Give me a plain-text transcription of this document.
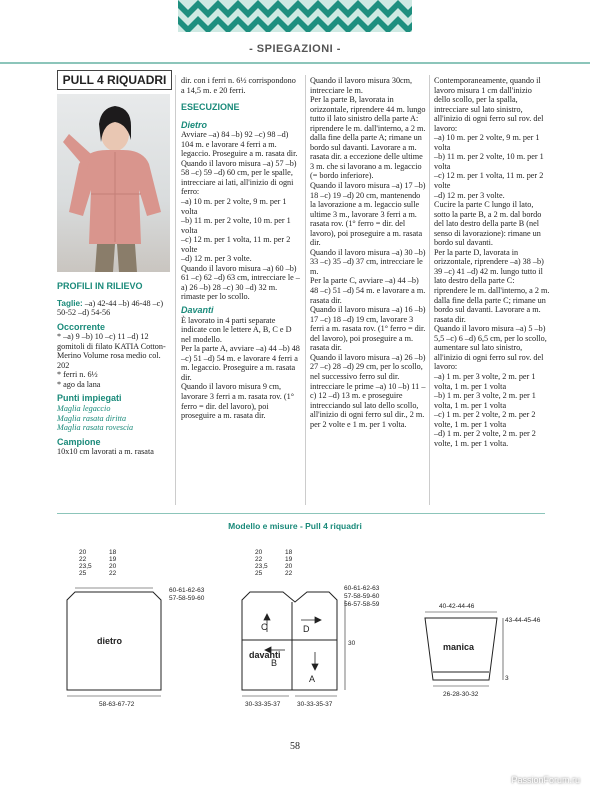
- SPIEGAZIONI -
PULL 4 RIQUADRI

PROFILI IN RILIEVO

Taglie: –a) 42-44 –b) 46-48 –c) 50-52 –d) 54-56

Occorrente

* –a) 9 –b) 10 –c) 11 –d) 12 gomitoli di filato KATIA Cotton-Merino Volume rosa medio col. 202
* ferri n. 6½
* ago da lana

Punti impiegati

Maglia legaccio

Maglia rasata diritta

Maglia rasata rovescia

Campione

10x10 cm lavorati a m. rasata

dir. con i ferri n. 6½ corrispondono a 14,5 m. e 20 ferri.

ESECUZIONE

Dietro

Avviare –a) 84 –b) 92 –c) 98 –d) 104 m. e lavorare 4 ferri a m. legaccio. Proseguire a m. rasata dir.
Quando il lavoro misura –a) 57 –b) 58 –c) 59 –d) 60 cm, per le spalle, intrecciare ai lati, all'inizio di ogni ferro:
–a) 10 m. per 2 volte, 9 m. per 1 volta
–b) 11 m. per 2 volte, 10 m. per 1 volta
–c) 12 m. per 1 volta, 11 m. per 2 volte
–d) 12 m. per 3 volte.
Quando il lavoro misura –a) 60 –b) 61 –c) 62 –d) 63 cm, intrecciare le –a) 26 –b) 28 –c) 30 –d) 32 m. rimaste per lo scollo.

Davanti

È lavorato in 4 parti separate indicate con le lettere A, B, C e D nel modello.
Per la parte A, avviare –a) 44 –b) 48 –c) 51 –d) 54 m. e lavorare 4 ferri a m. legaccio. Proseguire a m. rasata dir.
Quando il lavoro misura 9 cm, lavorare 3 ferri a m. rasata rov. (1° ferro = dir. del lavoro), poi proseguire a m. rasata dir.

Quando il lavoro misura 30cm, intrecciare le m.
Per la parte B, lavorata in orizzontale, riprendere 44 m. lungo tutto il lato sinistro della parte A: riprendere le m. dall'interno, a 2 m. dalla fine della parte A; rimane un bordo sul davanti. Lavorare a m. rasata dir. a eccezione delle ultime 3 m. che si lavorano a m. legaccio (= bordo inferiore).
Quando il lavoro misura –a) 17 –b) 18 –c) 19 –d) 20 cm, mantenendo la lavorazione a m. legaccio sulle ultime 3 m., lavorare 3 ferri a m. rasata rov. (1° ferro = dir. del lavoro), poi proseguire a m. rasata dir.
Quando il lavoro misura –a) 30 –b) 33 –c) 35 –d) 37 cm, intrecciare le m.
Per la parte C, avviare –a) 44 –b) 48 –c) 51 –d) 54 m. e lavorare a m. rasata dir.
Quando il lavoro misura –a) 16 –b) 17 –c) 18 –d) 19 cm, lavorare 3 ferri a m. rasata rov. (1° ferro = dir. del lavoro), poi proseguire a m. rasata dir.
Quando il lavoro misura –a) 26 –b) 27 –c) 28 –d) 29 cm, per lo scollo, nel successivo ferro sul dir. intrecciare le prime –a) 10 –b) 11 –c) 12 –d) 13 m. e proseguire intrecciando sul lato dello scollo, all'inizio di ogni ferro sul dir., 2 m. per 2 volte e 1 m. per 1 volta.

Contemporaneamente, quando il lavoro misura 1 cm dall'inizio dello scollo, per la spalla, intrecciare sul lato sinistro, all'inizio di ogni ferro sul rov. del lavoro:
–a) 10 m. per 2 volte, 9 m. per 1 volta
–b) 11 m. per 2 volte, 10 m. per 1 volta
–c) 12 m. per 1 volta, 11 m. per 2 volte
–d) 12 m. per 3 volte.
Cucire la parte C lungo il lato, sotto la parte B, a 2 m. dal bordo del lato destro della parte B (nel senso di lavorazione): rimane un bordo sul davanti.
Per la parte D, lavorata in orizzontale, riprendere –a) 38 –b) 39 –c) 41 –d) 42 m. lungo tutto il lato destro della parte C: riprendere le m. dall'interno, a 2 m. dalla fine della parte C; rimane un bordo sul davanti. Lavorare a m. rasata dir.
Quando il lavoro misura –a) 5 –b) 5,5 –c) 6 –d) 6,5 cm, per lo scollo, aumentare sul lato sinistro, all'inizio di ogni ferro sul rov. del lavoro:
–a) 1 m. per 3 volte, 2 m. per 1 volta, 1 m. per 1 volta
–b) 1 m. per 3 volte, 2 m. per 1 volta, 1 m. per 1 volta
–c) 1 m. per 2 volte, 2 m. per 2 volte, 1 m. per 1 volta
–d) 1 m. per 2 volte, 2 m. per 2 volte, 1 m. per 1 volta.

Modello e misure - Pull 4 riquadri
20
22
23,5
25
18
19
20
22
60-61-62-63
57-58-59-60
58-63-67-72
20
22
23,5
25
18
19
20
22
60-61-62-63
57-58-59-60
56-57-58-59
30
30-33-35-37	30-33-35-37
40-42-44-46
43-44-45-46
3
26-28-30-32
dietro
davanti
manica
C	D
B
A
58
PassionForum.ru
